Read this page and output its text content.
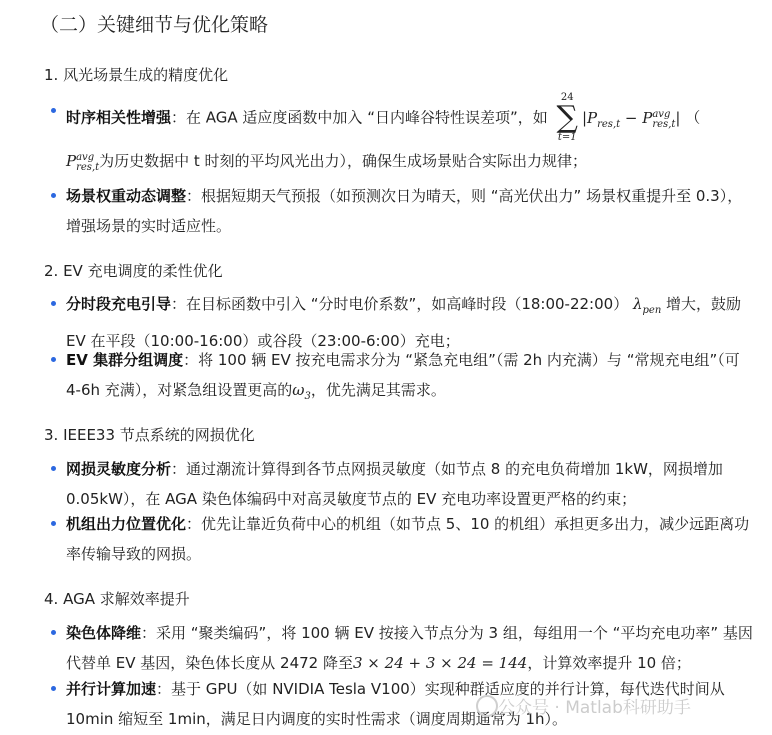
（二）关键细节与优化策略
1. 风光场景生成的精度优化
时序相关性增强：在 AGA 适应度函数中加入 “日内峰谷特性误差项”，如
24
∑
t=1
$|P_{res,t} - P^{avg}_{res,t}|$ （
$P^{avg}_{res,t}$为历史数据中 t 时刻的平均风光出力），确保生成场景贴合实际出力规律；
场景权重动态调整：根据短期天气预报（如预测次日为晴天，则 “高光伏出力” 场景权重提升至 0.3），增强场景的实时适应性。
2. EV 充电调度的柔性优化
分时段充电引导：在目标函数中引入 “分时电价系数”，如高峰时段（18:00-22:00） $\lambda_{pen}$ 增大，鼓励 EV 在平段（10:00-16:00）或谷段（23:00-6:00）充电；
EV 集群分组调度：将 100 辆 EV 按充电需求分为 “紧急充电组”（需 2h 内充满）与 “常规充电组”（可 4-6h 充满），对紧急组设置更高的$\omega_3$，优先满足其需求。
3. IEEE33 节点系统的网损优化
网损灵敏度分析：通过潮流计算得到各节点网损灵敏度（如节点 8 的充电负荷增加 1kW，网损增加 0.05kW），在 AGA 染色体编码中对高灵敏度节点的 EV 充电功率设置更严格的约束；
机组出力位置优化：优先让靠近负荷中心的机组（如节点 5、10 的机组）承担更多出力，减少远距离功率传输导致的网损。
4. AGA 求解效率提升
染色体降维：采用 “聚类编码”，将 100 辆 EV 按接入节点分为 3 组，每组用一个 “平均充电功率” 基因代替单 EV 基因，染色体长度从 2472 降至3 × 24 + 3 × 24 = 144，计算效率提升 10 倍；
并行计算加速：基于 GPU（如 NVIDIA Tesla V100）实现种群适应度的并行计算，每代迭代时间从 10min 缩短至 1min，满足日内调度的实时性需求（调度周期通常为 1h）。
公众号 · Matlab科研助手
